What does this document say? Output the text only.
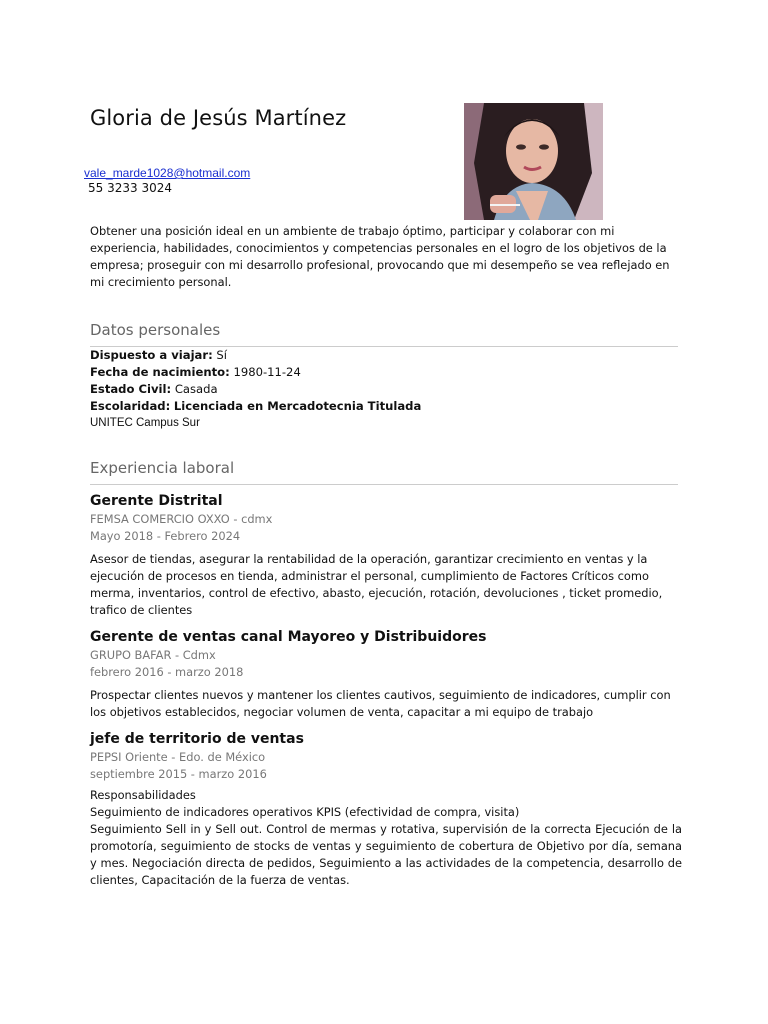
Gloria de Jesús Martínez
vale_marde1028@hotmail.com
55 3233 3024

Obtener una posición ideal en un ambiente de trabajo óptimo, participar y colaborar con mi experiencia, habilidades, conocimientos y competencias personales en el logro de los objetivos de la empresa; proseguir con mi desarrollo profesional, provocando que mi desempeño se vea reflejado en mi crecimiento personal.

Datos personales
Dispuesto a viajar: Sí
Fecha de nacimiento: 1980-11-24
Estado Civil: Casada
Escolaridad: Licenciada en Mercadotecnia Titulada
UNITEC Campus Sur
Experiencia laboral
Gerente Distrital
FEMSA COMERCIO OXXO - cdmx
Mayo 2018 - Febrero 2024

Asesor de tiendas, asegurar la rentabilidad de la operación, garantizar crecimiento en ventas y la ejecución de procesos en tienda, administrar el personal, cumplimiento de Factores Críticos como merma, inventarios, control de efectivo, abasto, ejecución, rotación, devoluciones , ticket promedio, trafico de clientes

Gerente de ventas canal Mayoreo y Distribuidores
GRUPO BAFAR - Cdmx
febrero 2016 - marzo 2018

Prospectar clientes nuevos y mantener los clientes cautivos, seguimiento de indicadores, cumplir con los objetivos establecidos, negociar volumen de venta, capacitar a mi equipo de trabajo

jefe de territorio de ventas
PEPSI Oriente - Edo. de México
septiembre 2015 - marzo 2016
Responsabilidades
Seguimiento de indicadores operativos KPIS (efectividad de compra, visita)
Seguimiento Sell in y Sell out. Control de mermas y rotativa, supervisión de la correcta Ejecución de la promotoría, seguimiento de stocks de ventas y seguimiento de cobertura de Objetivo por día, semana y mes. Negociación directa de pedidos, Seguimiento a las actividades de la competencia, desarrollo de clientes, Capacitación de la fuerza de ventas.
